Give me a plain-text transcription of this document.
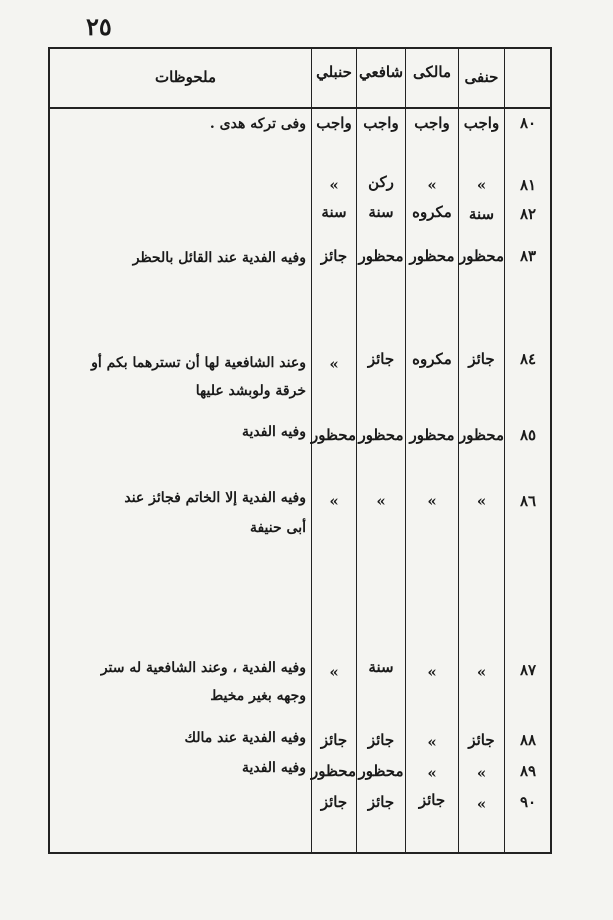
٢٥
حنفى
مالكى
شافعي
حنبلي
ملحوظات
٨٠
واجب
واجب
واجب
واجب
وفى تركه هدى .
٨١
»
»
ركن
»
٨٢
سنة
مكروه
سنة
سنة
٨٣
محظور
محظور
محظور
جائز
وفيه الفدية عند القائل بالحظر
٨٤
جائز
مكروه
جائز
»
وعند الشافعية لها أن تسترهما بكم أو
خرقة ولوبشد عليها
٨٥
محظور
محظور
محظور
محظور
وفيه الفدية
٨٦
»
»
»
»
وفيه الفدية إلا الخاتم فجائز عند
أبى حنيفة
٨٧
»
»
سنة
»
وفيه الفدية ، وعند الشافعية له ستر
وجهه بغير مخيط
٨٨
جائز
»
جائز
جائز
وفيه الفدية عند مالك
٨٩
»
»
محظور
محظور
وفيه الفدية
٩٠
»
جائز
جائز
جائز
